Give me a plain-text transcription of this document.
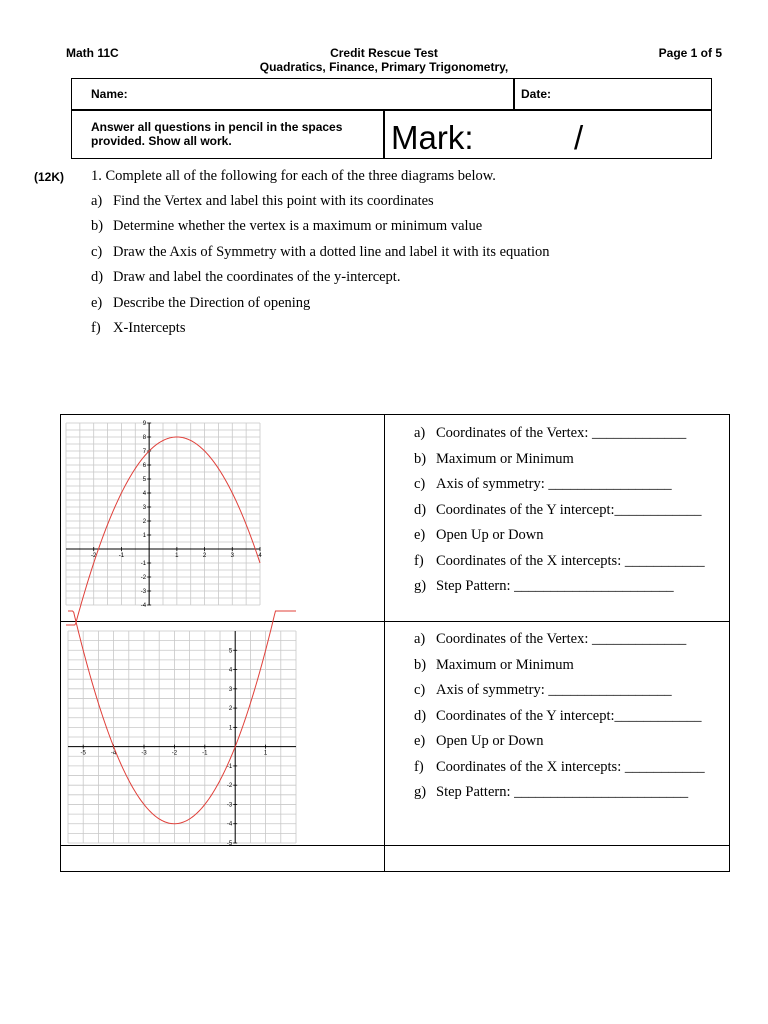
Math 11C	Credit Rescue Test
Quadratics, Finance, Primary Trigonometry,
Page 1 of 5
Name:	Date:
Answer all questions in pencil in the spaces provided. Show all work.	Mark:	/
(12K) 1. Complete all of the following for each of the three diagrams below.
a) Find the Vertex and label this point with its coordinates
b) Determine whether the vertex is a maximum or minimum value
c) Draw the Axis of Symmetry with a dotted line and label it with its equation
d) Draw and label the coordinates of the y-intercept.
e) Describe the Direction of opening
f) X-Intercepts
-2	-1	1	2	3	4
9
8
7
6
5
4
3
2
1
-1
-2
-3
-4
-5	-4	-3	-2	-1	1
5
4
3
2
1
-1
-2
-3
-4
-5
a) Coordinates of the Vertex: _____________
b) Maximum or Minimum
c) Axis of symmetry: _________________
d) Coordinates of the Y intercept:____________
e) Open Up or Down
f) Coordinates of the X intercepts: ___________
g) Step Pattern: ______________________
a) Coordinates of the Vertex: _____________
b) Maximum or Minimum
c) Axis of symmetry: _________________
d) Coordinates of the Y intercept:____________
e) Open Up or Down
f) Coordinates of the X intercepts: ___________
g) Step Pattern: ________________________
